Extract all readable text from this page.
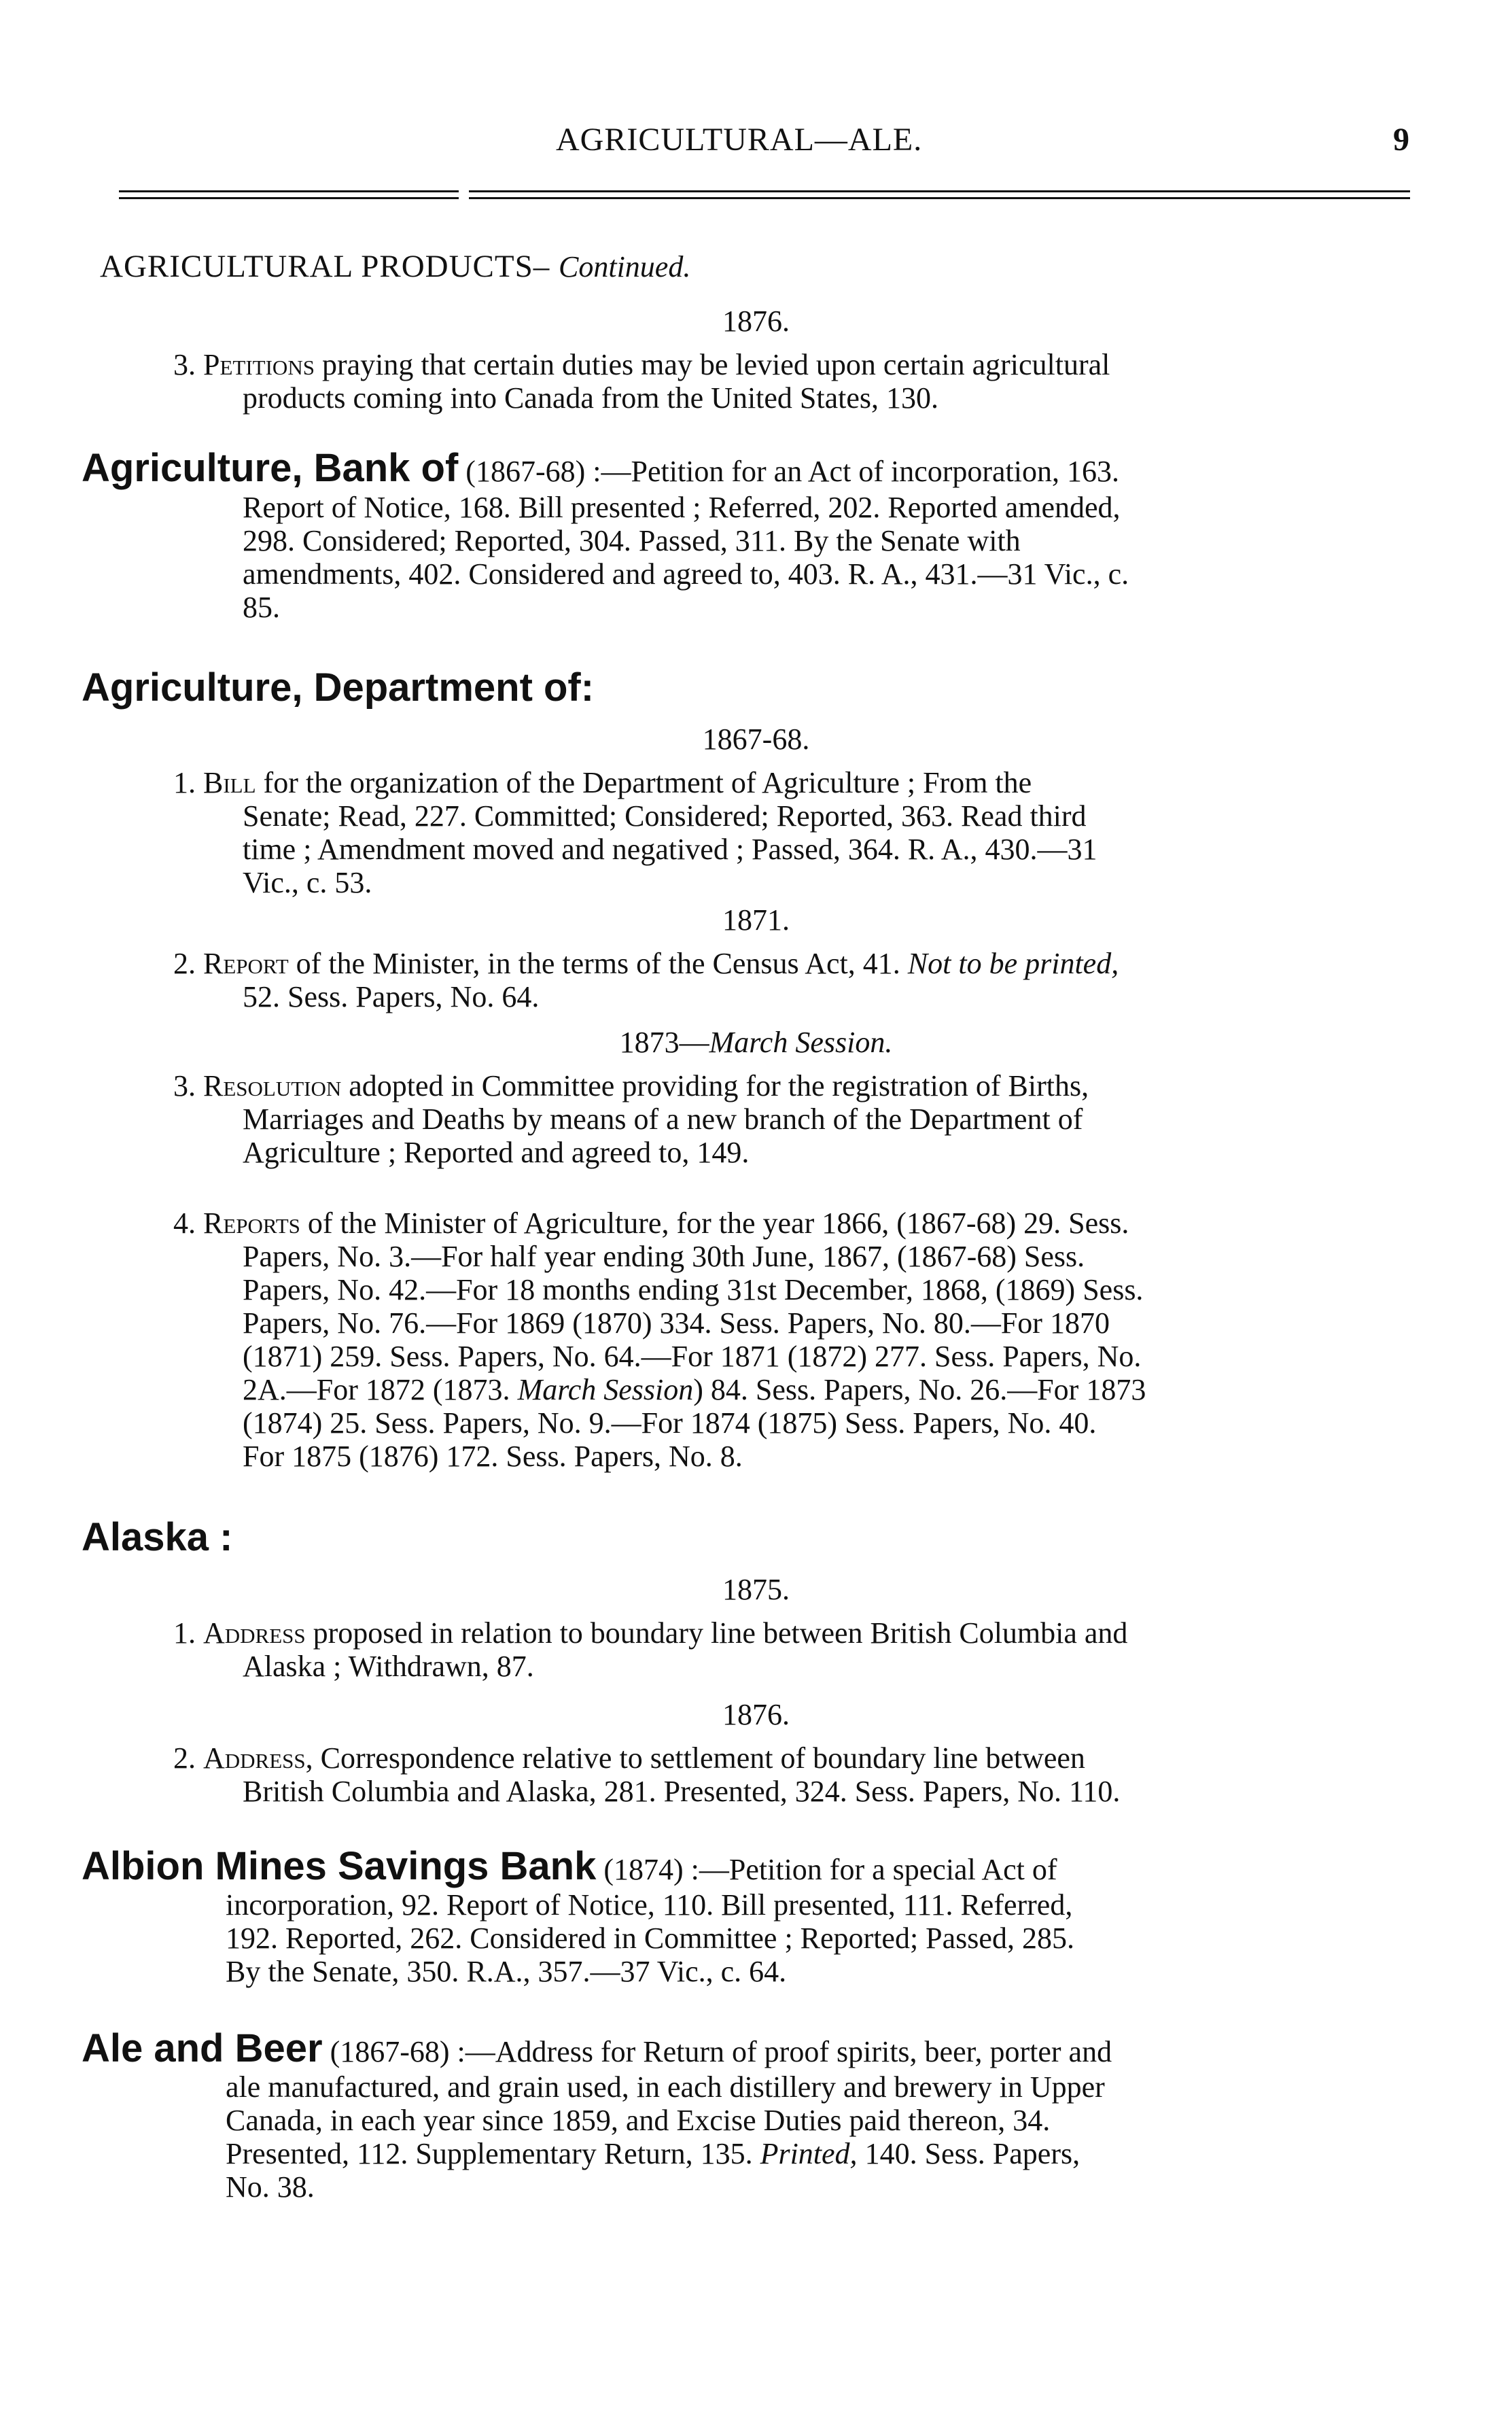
AGRICULTURAL—ALE.	9
AGRICULTURAL PRODUCTS– Continued.
1876.
3. Petitions praying that certain duties may be levied upon certain agricultural
products coming into Canada from the United States, 130.
Agriculture, Bank of (1867-68) :—Petition for an Act of incorporation, 163.
Report of Notice, 168. Bill presented ; Referred, 202. Reported amended,
298. Considered; Reported, 304. Passed, 311. By the Senate with
amendments, 402. Considered and agreed to, 403. R. A., 431.—31 Vic., c.
85.
Agriculture, Department of:
1867-68.
1. Bill for the organization of the Department of Agriculture ; From the
Senate; Read, 227. Committed; Considered; Reported, 363. Read third
time ; Amendment moved and negatived ; Passed, 364. R. A., 430.—31
Vic., c. 53.
1871.
2. Report of the Minister, in the terms of the Census Act, 41. Not to be printed,
52. Sess. Papers, No. 64.
1873—March Session.
3. Resolution adopted in Committee providing for the registration of Births,
Marriages and Deaths by means of a new branch of the Department of
Agriculture ; Reported and agreed to, 149.
4. Reports of the Minister of Agriculture, for the year 1866, (1867-68) 29. Sess.
Papers, No. 3.—For half year ending 30th June, 1867, (1867-68) Sess.
Papers, No. 42.—For 18 months ending 31st December, 1868, (1869) Sess.
Papers, No. 76.—For 1869 (1870) 334. Sess. Papers, No. 80.—For 1870
(1871) 259. Sess. Papers, No. 64.—For 1871 (1872) 277. Sess. Papers, No.
2A.—For 1872 (1873. March Session) 84. Sess. Papers, No. 26.—For 1873
(1874) 25. Sess. Papers, No. 9.—For 1874 (1875) Sess. Papers, No. 40.
For 1875 (1876) 172. Sess. Papers, No. 8.
Alaska :
1875.
1. Address proposed in relation to boundary line between British Columbia and
Alaska ; Withdrawn, 87.
1876.
2. Address, Correspondence relative to settlement of boundary line between
British Columbia and Alaska, 281. Presented, 324. Sess. Papers, No. 110.
Albion Mines Savings Bank (1874) :—Petition for a special Act of
incorporation, 92. Report of Notice, 110. Bill presented, 111. Referred,
192. Reported, 262. Considered in Committee ; Reported; Passed, 285.
By the Senate, 350. R.A., 357.—37 Vic., c. 64.
Ale and Beer (1867-68) :—Address for Return of proof spirits, beer, porter and
ale manufactured, and grain used, in each distillery and brewery in Upper
Canada, in each year since 1859, and Excise Duties paid thereon, 34.
Presented, 112. Supplementary Return, 135. Printed, 140. Sess. Papers,
No. 38.
